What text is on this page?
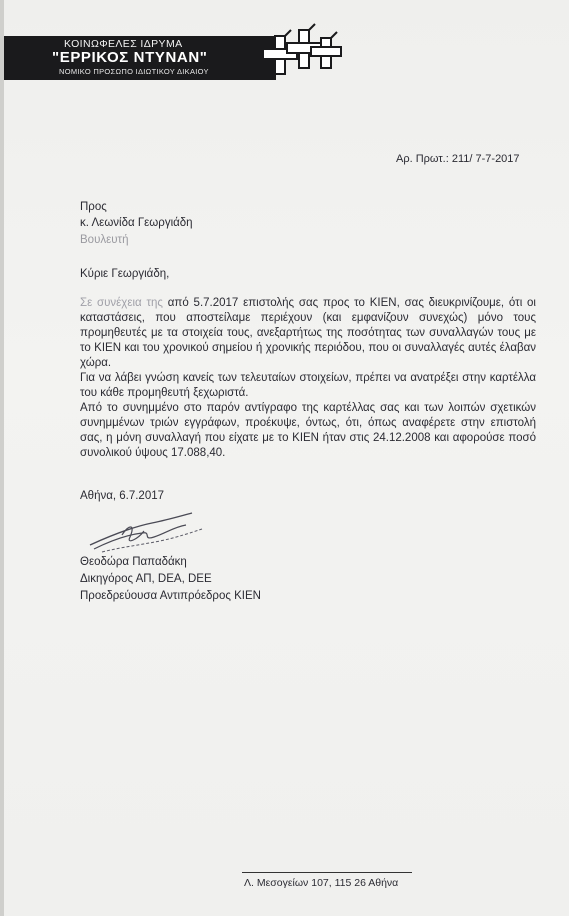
ΚΟΙΝΩΦΕΛΕΣ ΙΔΡΥΜΑ
"ΕΡΡΙΚΟΣ ΝΤΥΝΑΝ"
ΝΟΜΙΚΟ ΠΡΟΣΩΠΟ ΙΔΙΩΤΙΚΟΥ ΔΙΚΑΙΟΥ
Αρ. Πρωτ.: 211/ 7-7-2017
Προς
κ. Λεωνίδα Γεωργιάδη
Βουλευτή
Κύριε Γεωργιάδη,

Σε συνέχεια της από 5.7.2017 επιστολής σας προς το ΚΙΕΝ, σας διευκρινίζουμε, ότι οι καταστάσεις, που αποστείλαμε περιέχουν (και εμφανίζουν συνεχώς) μόνο τους προμηθευτές με τα στοιχεία τους, ανεξαρτήτως της ποσότητας των συναλλαγών τους με το ΚΙΕΝ και του χρονικού σημείου ή χρονικής περιόδου, που οι συναλλαγές αυτές έλαβαν χώρα.

Για να λάβει γνώση κανείς των τελευταίων στοιχείων, πρέπει να ανατρέξει στην καρτέλλα του κάθε προμηθευτή ξεχωριστά.

Από το συνημμένο στο παρόν αντίγραφο της καρτέλλας σας και των λοιπών σχετικών συνημμένων τριών εγγράφων, προέκυψε, όντως, ότι, όπως αναφέρετε στην επιστολή σας, η μόνη συναλλαγή που είχατε με το ΚΙΕΝ ήταν στις 24.12.2008 και αφορούσε ποσό συνολικού ύψους 17.088,40.

Αθήνα, 6.7.2017
Θεοδώρα Παπαδάκη
Δικηγόρος ΑΠ, DEA, DEE
Προεδρεύουσα Αντιπρόεδρος ΚΙΕΝ
Λ. Μεσογείων 107, 115 26 Αθήνα
